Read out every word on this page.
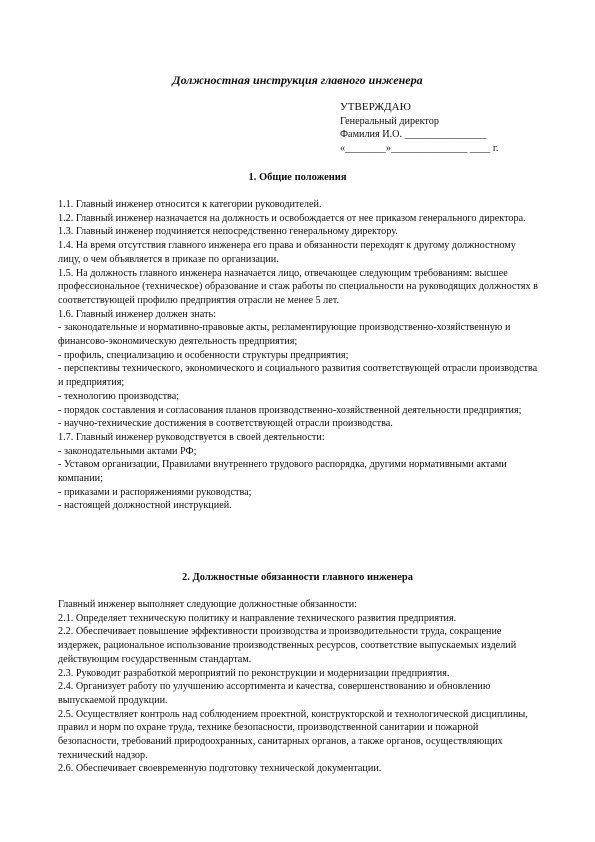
Должностная инструкция главного инженера
УТВЕРЖДАЮ
Генеральный директор
Фамилия И.О. ________________
«________»_______________ ____ г.
1. Общие положения

1.1. Главный инженер относится к категории руководителей.

1.2. Главный инженер назначается на должность и освобождается от нее приказом генерального директора.

1.3. Главный инженер подчиняется непосредственно генеральному директору.

1.4. На время отсутствия главного инженера его права и обязанности переходят к другому должностному лицу, о чем объявляется в приказе по организации.

1.5. На должность главного инженера назначается лицо, отвечающее следующим требованиям: высшее профессиональное (техническое) образование и стаж работы по специальности на руководящих должностях в соответствующей профилю предприятия отрасли не менее 5 лет.

1.6. Главный инженер должен знать:

- законодательные и нормативно-правовые акты, регламентирующие производственно-хозяйственную и финансово-экономическую деятельность предприятия;

- профиль, специализацию и особенности структуры предприятия;

- перспективы технического, экономического и социального развития соответствующей отрасли производства и предприятия;

- технологию производства;

- порядок составления и согласования планов производственно-хозяйственной деятельности предприятия;

- научно-технические достижения в соответствующей отрасли производства.

1.7. Главный инженер руководствуется в своей деятельности:

- законодательными актами РФ;

- Уставом организации, Правилами внутреннего трудового распорядка, другими нормативными актами компании;

- приказами и распоряжениями руководства;

- настоящей должностной инструкцией.

2. Должностные обязанности главного инженера

Главный инженер выполняет следующие должностные обязанности:

2.1. Определяет техническую политику и направление технического развития предприятия.

2.2. Обеспечивает повышение эффективности производства и производительности труда, сокращение издержек, рациональное использование производственных ресурсов, соответствие выпускаемых изделий действующим государственным стандартам.

2.3. Руководит разработкой мероприятий по реконструкции и модернизации предприятия.

2.4. Организует работу по улучшению ассортимента и качества, совершенствованию и обновлению выпускаемой продукции.

2.5. Осуществляет контроль над соблюдением проектной, конструкторской и технологической дисциплины, правил и норм по охране труда, технике безопасности, производственной санитарии и пожарной безопасности, требований природоохранных, санитарных органов, а также органов, осуществляющих технический надзор.

2.6. Обеспечивает своевременную подготовку технической документации.
